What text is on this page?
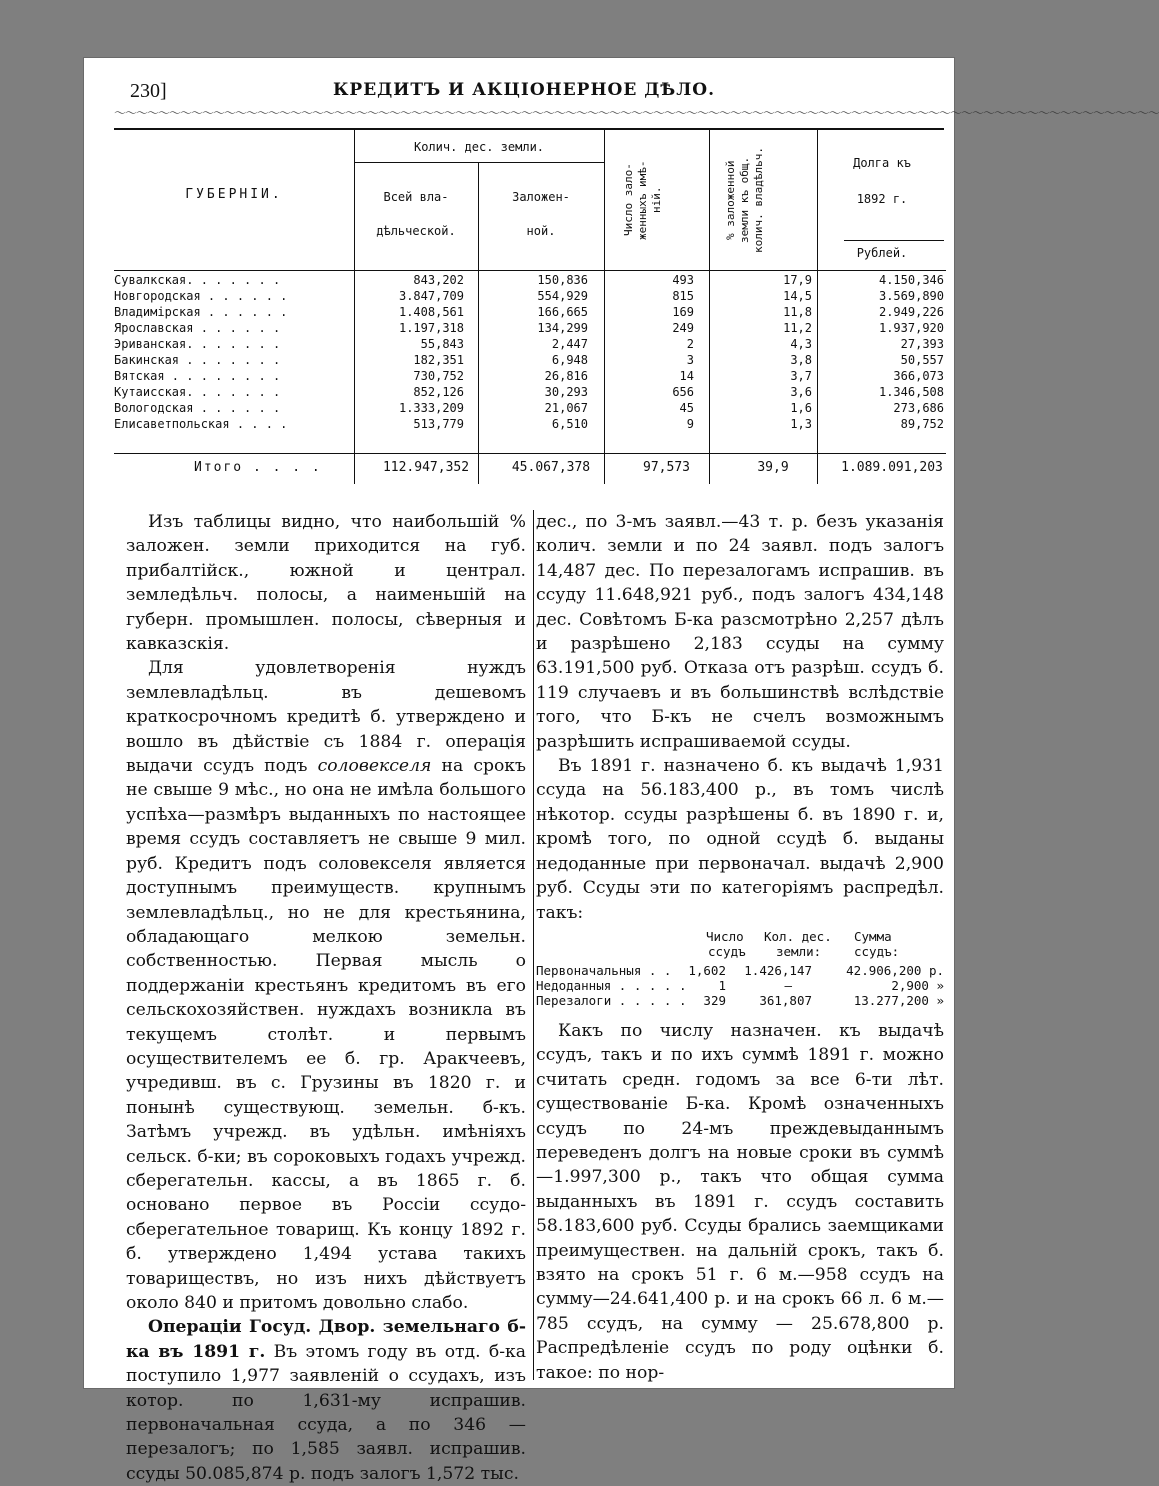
230]	КРЕДИТЪ И АКЦIОНЕРНОЕ ДѢЛО.
～～～～～～～～～～～～～～～～～～～～～～～～～～～～～～～～～～～～～～～～～～～～～～～～～～～～～～～～～～～～～～～～～～～～～～～～～～～～～～～～～～～～～～～～～～～～～～～
ГУБЕРНIИ.
Колич. дес. земли.
Всей вла-
дѣльческой.
Заложен-
ной.	Число зало-
женныхъ имѣ-
нiй.
% заложенной
земли къ общ.
колич. владѣльч.	Долга къ
1892 г.
Рублей.
Сувалкская. . . . . . .	843,202	150,836	493	17,9	4.150,346
Новгородская . . . . . .	3.847,709	554,929	815	14,5	3.569,890
Владимiрская . . . . . .	1.408,561	166,665	169	11,8	2.949,226
Ярославская . . . . . .	1.197,318	134,299	249	11,2	1.937,920
Эриванская. . . . . . .	55,843	2,447	2	4,3	27,393
Бакинская . . . . . . .	182,351	6,948	3	3,8	50,557
Вятская . . . . . . . .	730,752	26,816	14	3,7	366,073
Кутаисская. . . . . . .	852,126	30,293	656	3,6	1.346,508
Вологодская . . . . . .	1.333,209	21,067	45	1,6	273,686
Елисаветпольская . . . .	513,779	6,510	9	1,3	89,752
Итого . . . .	112.947,352	45.067,378	97,573	39,9	1.089.091,203

Изъ таблицы видно, что наибольшiй % заложен. земли приходится на губ. прибалтiйск., южной и централ. земледѣльч. полосы, а наименьшiй на губерн. промышлен. полосы, сѣверныя и кавказскiя.

Для удовлетворенiя нуждъ землевладѣльц. въ дешевомъ краткосрочномъ кредитѣ б. утверждено и вошло въ дѣйствiе съ 1884 г. операцiя выдачи ссудъ подъ соловекселя на срокъ не свыше 9 мѣс., но она не имѣла большого успѣха—размѣръ выданныхъ по настоящее время ссудъ составляетъ не свыше 9 мил. руб. Кредитъ подъ соловекселя является доступнымъ преимуществ. крупнымъ землевладѣльц., но не для крестьянина, обладающаго мелкою земельн. собственностью. Первая мысль о поддержанiи крестьянъ кредитомъ въ его сельскохозяйствен. нуждахъ возникла въ текущемъ столѣт. и первымъ осуществителемъ ее б. гр. Аракчеевъ, учредивш. въ с. Грузины въ 1820 г. и понынѣ существующ. земельн. б-къ. Затѣмъ учрежд. въ удѣльн. имѣнiяхъ сельск. б-ки; въ сороковыхъ годахъ учрежд. сберегательн. кассы, а въ 1865 г. б. основано первое въ Россiи ссудо-сберегательное товарищ. Къ концу 1892 г. б. утверждено 1,494 устава такихъ товариществъ, но изъ нихъ дѣйствуетъ около 840 и притомъ довольно слабо.

Операцiи Госуд. Двор. земельнаго б-ка въ 1891 г. Въ этомъ году въ отд. б-ка поступило 1,977 заявленiй о ссудахъ, изъ котор. по 1,631-му испрашив. первоначальная ссуда, а по 346 — перезалогъ; по 1,585 заявл. испрашив. ссуды 50.085,874 р. подъ залогъ 1,572 тыс.

дес., по 3-мъ заявл.—43 т. р. безъ указанiя колич. земли и по 24 заявл. подъ залогъ 14,487 дес. По перезалогамъ испрашив. въ ссуду 11.648,921 руб., подъ залогъ 434,148 дес. Совѣтомъ Б-ка разсмотрѣно 2,257 дѣлъ и разрѣшено 2,183 ссуды на сумму 63.191,500 руб. Отказа отъ разрѣш. ссудъ б. 119 случаевъ и въ большинствѣ вслѣдствiе того, что Б-къ не счелъ возможнымъ разрѣшить испрашиваемой ссуды.

Въ 1891 г. назначено б. къ выдачѣ 1,931 ссуда на 56.183,400 р., въ томъ числѣ нѣкотор. ссуды разрѣшены б. въ 1890 г. и, кромѣ того, по одной ссудѣ б. выданы недоданные при первоначал. выдачѣ 2,900 руб. Ссуды эти по категорiямъ распредѣл. такъ:

Число
ссудъ
Кол. дес.
земли:
Сумма
ссудъ:
Первоначальныя . . 1,602	1.426,147	42.906,200 р.
Недоданныя . . . . .	1	—	2,900 »
Перезалоги . . . . .	329	361,807	13.277,200 »

Какъ по числу назначен. къ выдачѣ ссудъ, такъ и по ихъ суммѣ 1891 г. можно считать средн. годомъ за все 6-ти лѣт. существованiе Б-ка. Кромѣ означенныхъ ссудъ по 24-мъ преждевыданнымъ переведенъ долгъ на новые сроки въ суммѣ—1.997,300 р., такъ что общая сумма выданныхъ въ 1891 г. ссудъ составить 58.183,600 руб. Ссуды брались заемщиками преимуществен. на дальнiй срокъ, такъ б. взято на срокъ 51 г. 6 м.—958 ссудъ на сумму—24.641,400 р. и на срокъ 66 л. 6 м.—785 ссудъ, на сумму — 25.678,800 р. Распредѣленiе ссудъ по роду оцѣнки б. такое: по нор-
